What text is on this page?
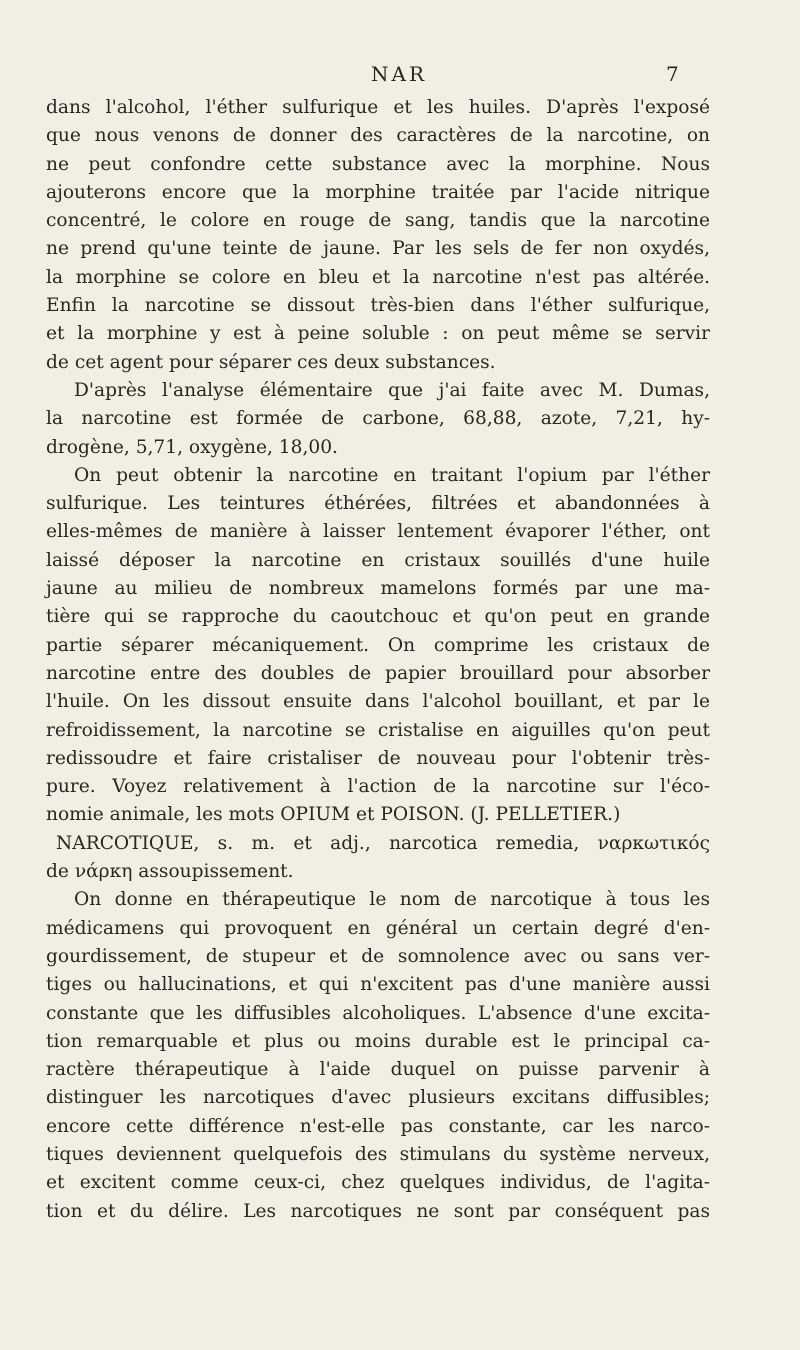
NAR	7
dans l'alcohol, l'éther sulfurique et les huiles. D'après l'exposé
que nous venons de donner des caractères de la narcotine, on
ne peut confondre cette substance avec la morphine. Nous
ajouterons encore que la morphine traitée par l'acide nitrique
concentré, le colore en rouge de sang, tandis que la narcotine
ne prend qu'une teinte de jaune. Par les sels de fer non oxydés,
la morphine se colore en bleu et la narcotine n'est pas altérée.
Enfin la narcotine se dissout très-bien dans l'éther sulfurique,
et la morphine y est à peine soluble : on peut même se servir
de cet agent pour séparer ces deux substances.
D'après l'analyse élémentaire que j'ai faite avec M. Dumas,
la narcotine est formée de carbone, 68,88, azote, 7,21, hy-
drogène, 5,71, oxygène, 18,00.
On peut obtenir la narcotine en traitant l'opium par l'éther
sulfurique. Les teintures éthérées, filtrées et abandonnées à
elles-mêmes de manière à laisser lentement évaporer l'éther, ont
laissé déposer la narcotine en cristaux souillés d'une huile
jaune au milieu de nombreux mamelons formés par une ma-
tière qui se rapproche du caoutchouc et qu'on peut en grande
partie séparer mécaniquement. On comprime les cristaux de
narcotine entre des doubles de papier brouillard pour absorber
l'huile. On les dissout ensuite dans l'alcohol bouillant, et par le
refroidissement, la narcotine se cristalise en aiguilles qu'on peut
redissoudre et faire cristaliser de nouveau pour l'obtenir très-
pure. Voyez relativement à l'action de la narcotine sur l'éco-
nomie animale, les mots OPIUM et POISON. (J. PELLETIER.)
NARCOTIQUE, s. m. et adj., narcotica remedia, ναρκωτικός
de νάρκη assoupissement.
On donne en thérapeutique le nom de narcotique à tous les
médicamens qui provoquent en général un certain degré d'en-
gourdissement, de stupeur et de somnolence avec ou sans ver-
tiges ou hallucinations, et qui n'excitent pas d'une manière aussi
constante que les diffusibles alcoholiques. L'absence d'une excita-
tion remarquable et plus ou moins durable est le principal ca-
ractère thérapeutique à l'aide duquel on puisse parvenir à
distinguer les narcotiques d'avec plusieurs excitans diffusibles;
encore cette différence n'est-elle pas constante, car les narco-
tiques deviennent quelquefois des stimulans du système nerveux,
et excitent comme ceux-ci, chez quelques individus, de l'agita-
tion et du délire. Les narcotiques ne sont par conséquent pas
